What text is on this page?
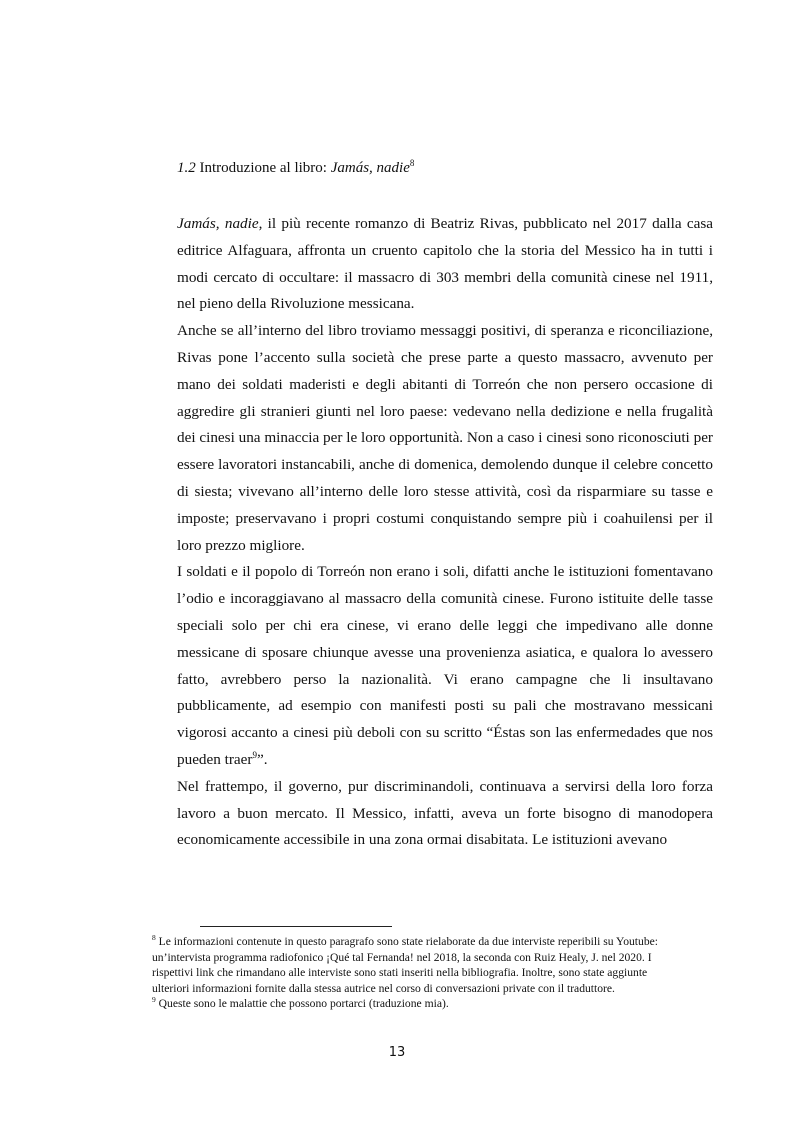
1.2 Introduzione al libro: Jamás, nadie$^8$

Jamás, nadie, il più recente romanzo di Beatriz Rivas, pubblicato nel 2017 dalla casa editrice Alfaguara, affronta un cruento capitolo che la storia del Messico ha in tutti i modi cercato di occultare: il massacro di 303 membri della comunità cinese nel 1911, nel pieno della Rivoluzione messicana.

Anche se all’interno del libro troviamo messaggi positivi, di speranza e riconciliazione, Rivas pone l’accento sulla società che prese parte a questo massacro, avvenuto per mano dei soldati maderisti e degli abitanti di Torreón che non persero occasione di aggredire gli stranieri giunti nel loro paese: vedevano nella dedizione e nella frugalità dei cinesi una minaccia per le loro opportunità. Non a caso i cinesi sono riconosciuti per essere lavoratori instancabili, anche di domenica, demolendo dunque il celebre concetto di siesta; vivevano all’interno delle loro stesse attività, così da risparmiare su tasse e imposte; preservavano i propri costumi conquistando sempre più i coahuilensi per il loro prezzo migliore.

I soldati e il popolo di Torreón non erano i soli, difatti anche le istituzioni fomentavano l’odio e incoraggiavano al massacro della comunità cinese. Furono istituite delle tasse speciali solo per chi era cinese, vi erano delle leggi che impedivano alle donne messicane di sposare chiunque avesse una provenienza asiatica, e qualora lo avessero fatto, avrebbero perso la nazionalità. Vi erano campagne che li insultavano pubblicamente, ad esempio con manifesti posti su pali che mostravano messicani vigorosi accanto a cinesi più deboli con su scritto “Éstas son las enfermedades que nos pueden traer$^9$”.

Nel frattempo, il governo, pur discriminandoli, continuava a servirsi della loro forza lavoro a buon mercato. Il Messico, infatti, aveva un forte bisogno di manodopera economicamente accessibile in una zona ormai disabitata. Le istituzioni avevano

$^8$ Le informazioni contenute in questo paragrafo sono state rielaborate da due interviste reperibili su Youtube: un’intervista programma radiofonico ¡Qué tal Fernanda! nel 2018, la seconda con Ruiz Healy, J. nel 2020. I rispettivi link che rimandano alle interviste sono stati inseriti nella bibliografia. Inoltre, sono state aggiunte ulteriori informazioni fornite dalla stessa autrice nel corso di conversazioni private con il traduttore.

$^9$ Queste sono le malattie che possono portarci (traduzione mia).

13
